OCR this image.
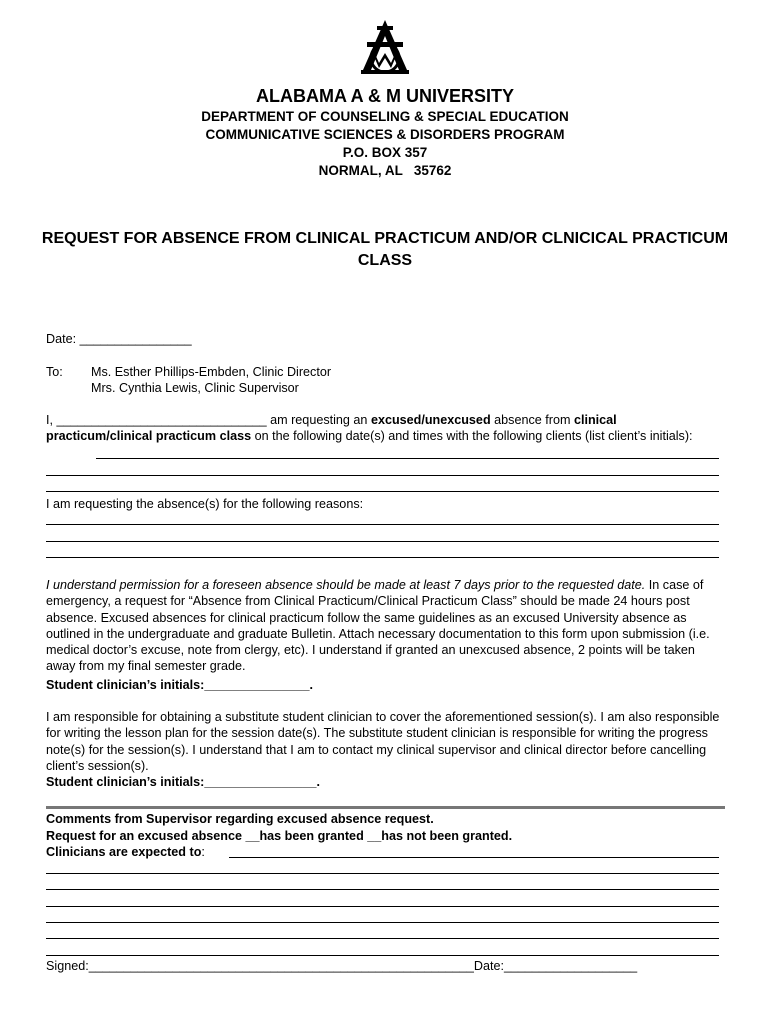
ALABAMA A & M UNIVERSITY
DEPARTMENT OF COUNSELING & SPECIAL EDUCATION
COMMUNICATIVE SCIENCES & DISORDERS PROGRAM
P.O. BOX 357
NORMAL, AL   35762
REQUEST FOR ABSENCE FROM CLINICAL PRACTICUM AND/OR CLNICICAL PRACTICUM CLASS
Date: ________________
To: Ms. Esther Phillips-Embden, Clinic Director
Mrs. Cynthia Lewis, Clinic Supervisor
I, ______________________________ am requesting an excused/unexcused absence from clinical practicum/clinical practicum class on the following date(s) and times with the following clients (list client’s initials):
I am requesting the absence(s) for the following reasons:
I understand permission for a foreseen absence should be made at least 7 days prior to the requested date. In case of emergency, a request for “Absence from Clinical Practicum/Clinical Practicum Class” should be made 24 hours post absence. Excused absences for clinical practicum follow the same guidelines as an excused University absence as outlined in the undergraduate and graduate Bulletin. Attach necessary documentation to this form upon submission (i.e. medical doctor’s excuse, note from clergy, etc). I understand if granted an unexcused absence, 2 points will be taken away from my final semester grade.
Student clinician’s initials:_______________.
I am responsible for obtaining a substitute student clinician to cover the aforementioned session(s). I am also responsible for writing the lesson plan for the session date(s). The substitute student clinician is responsible for writing the progress note(s) for the session(s). I understand that I am to contact my clinical supervisor and clinical director before cancelling client’s session(s).
Student clinician’s initials:________________.
Comments from Supervisor regarding excused absence request.
Request for an excused absence __has been granted __has not been granted.
Clinicians are expected to:
Signed:_______________________________________________________Date:___________________
